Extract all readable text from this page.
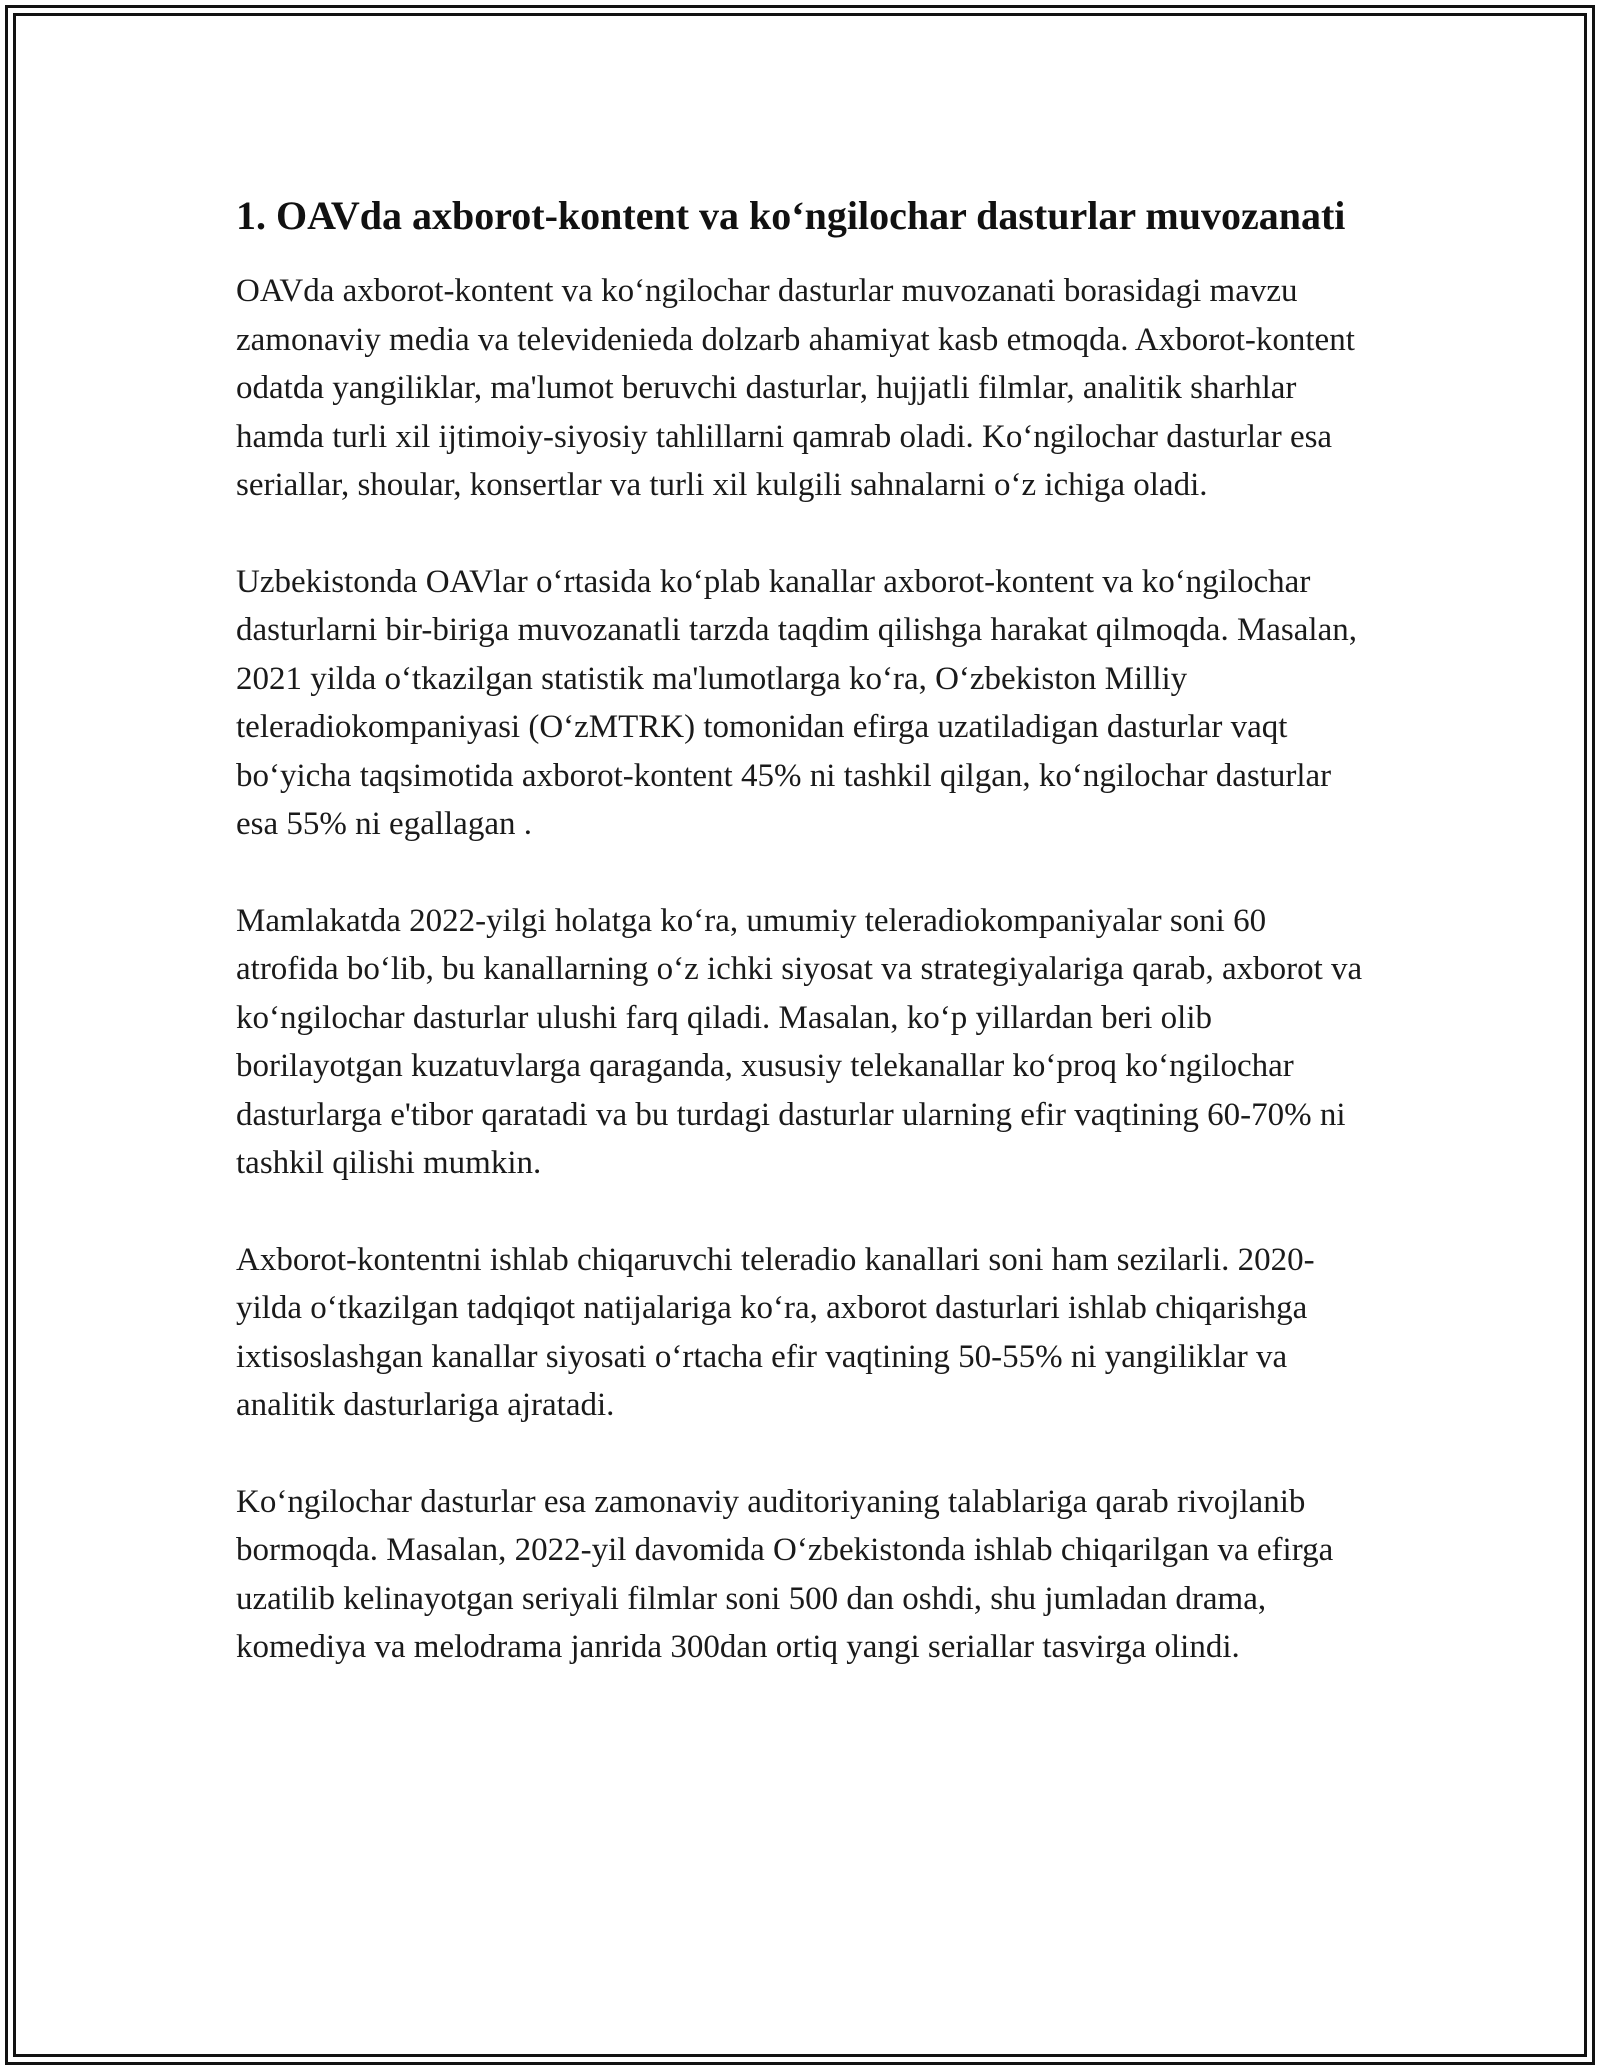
1. OAVda axborot-kontent va ko‘ngilochar dasturlar muvozanati

OAVda axborot-kontent va ko‘ngilochar dasturlar muvozanati borasidagi mavzu zamonaviy media va televidenieda dolzarb ahamiyat kasb etmoqda. Axborot-kontent odatda yangiliklar, ma'lumot beruvchi dasturlar, hujjatli filmlar, analitik sharhlar hamda turli xil ijtimoiy-siyosiy tahlillarni qamrab oladi. Ko‘ngilochar dasturlar esa seriallar, shoular, konsertlar va turli xil kulgili sahnalarni o‘z ichiga oladi.

Uzbekistonda OAVlar o‘rtasida ko‘plab kanallar axborot-kontent va ko‘ngilochar dasturlarni bir-biriga muvozanatli tarzda taqdim qilishga harakat qilmoqda. Masalan, 2021 yilda o‘tkazilgan statistik ma'lumotlarga ko‘ra, O‘zbekiston Milliy teleradiokompaniyasi (O‘zMTRK) tomonidan efirga uzatiladigan dasturlar vaqt bo‘yicha taqsimotida axborot-kontent 45% ni tashkil qilgan, ko‘ngilochar dasturlar esa 55% ni egallagan .

Mamlakatda 2022-yilgi holatga ko‘ra, umumiy teleradiokompaniyalar soni 60 atrofida bo‘lib, bu kanallarning o‘z ichki siyosat va strategiyalariga qarab, axborot va ko‘ngilochar dasturlar ulushi farq qiladi. Masalan, ko‘p yillardan beri olib borilayotgan kuzatuvlarga qaraganda, xususiy telekanallar ko‘proq ko‘ngilochar dasturlarga e'tibor qaratadi va bu turdagi dasturlar ularning efir vaqtining 60-70% ni tashkil qilishi mumkin.

Axborot-kontentni ishlab chiqaruvchi teleradio kanallari soni ham sezilarli. 2020-yilda o‘tkazilgan tadqiqot natijalariga ko‘ra, axborot dasturlari ishlab chiqarishga ixtisoslashgan kanallar siyosati o‘rtacha efir vaqtining 50-55% ni yangiliklar va analitik dasturlariga ajratadi.

Ko‘ngilochar dasturlar esa zamonaviy auditoriyaning talablariga qarab rivojlanib bormoqda. Masalan, 2022-yil davomida O‘zbekistonda ishlab chiqarilgan va efirga uzatilib kelinayotgan seriyali filmlar soni 500 dan oshdi, shu jumladan drama, komediya va melodrama janrida 300dan ortiq yangi seriallar tasvirga olindi.
